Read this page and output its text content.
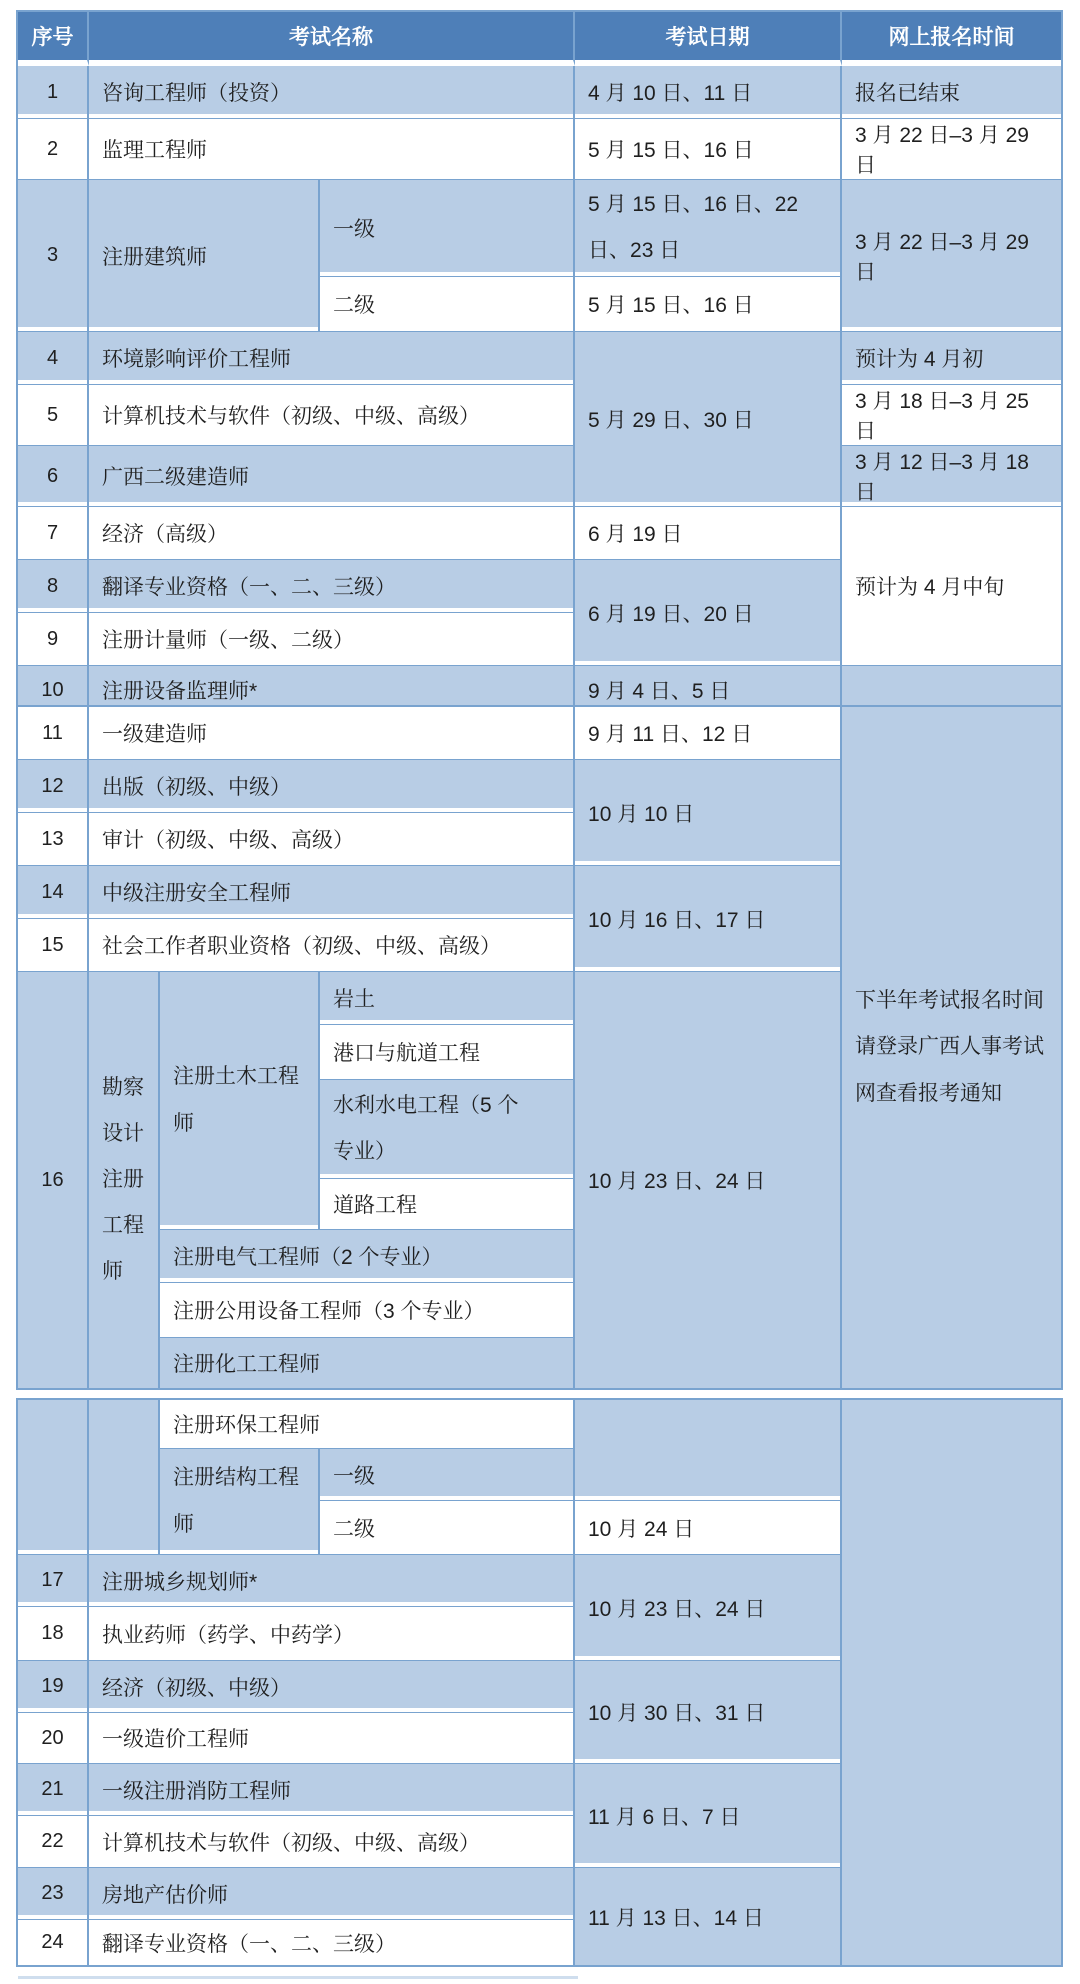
序号	考试名称		考试日期	网上报名时间
1	咨询工程师（投资）		4 月 10 日、11 日	报名已结束
2	监理工程师		5 月 15 日、16 日	3 月 22 日–3 月 29 日
3	注册建筑师	一级	5 月 15 日、16 日、22 日、23 日	3 月 22 日–3 月 29 日
		二级	5 月 15 日、16 日	
4	环境影响评价工程师		5 月 29 日、30 日	预计为 4 月初
5	计算机技术与软件（初级、中级、高级）			3 月 18 日–3 月 25 日
6	广西二级建造师			3 月 12 日–3 月 18 日
7	经济（高级）		6 月 19 日	预计为 4 月中旬
8	翻译专业资格（一、二、三级）		6 月 19 日、20 日	
9	注册计量师（一级、二级）			
10	注册设备监理师*		9 月 4 日、5 日	
11	一级建造师			9 月 11 日、12 日	下半年考试报名时间请登录广西人事考试网查看报考通知
12	出版（初级、中级）			10 月 10 日	
13	审计（初级、中级、高级）				
14	中级注册安全工程师			10 月 16 日、17 日	
15	社会工作者职业资格（初级、中级、高级）				
16	勘察设计注册工程师	注册土木工程师	岩土	10 月 23 日、24 日	
			港口与航道工程		
			水利水电工程（5 个专业）		
			道路工程		
		注册电气工程师（2 个专业）			
		注册公用设备工程师（3 个专业）			
		注册化工工程师			
		注册环保工程师			
		注册结构工程师	一级		
			二级	10 月 24 日	
17	注册城乡规划师*			10 月 23 日、24 日	
18	执业药师（药学、中药学）				
19	经济（初级、中级）			10 月 30 日、31 日	
20	一级造价工程师				
21	一级注册消防工程师			11 月 6 日、7 日	
22	计算机技术与软件（初级、中级、高级）				
23	房地产估价师			11 月 13 日、14 日	
24	翻译专业资格（一、二、三级）				
